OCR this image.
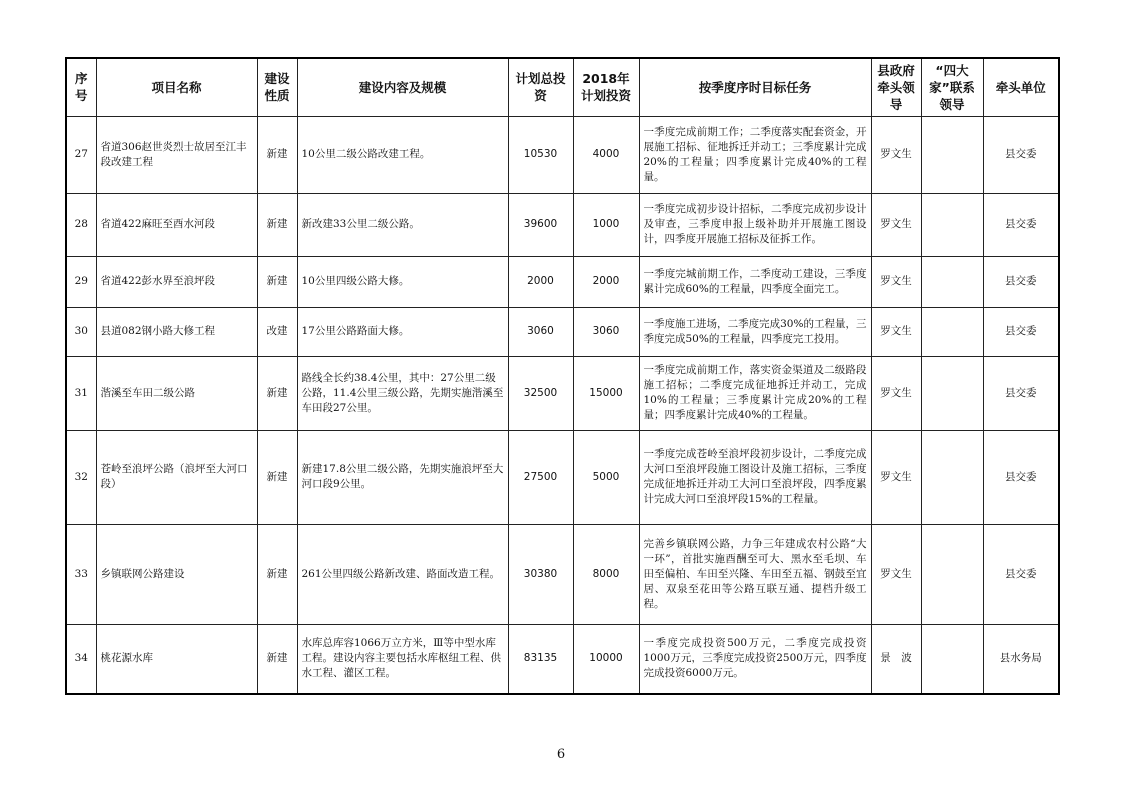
序号	项目名称	建设性质	建设内容及规模	计划总投资	2018年计划投资	按季度序时目标任务	县政府牵头领导	“四大家”联系领导	牵头单位
27	省道306赵世炎烈士故居至江丰段改建工程	新建	10公里二级公路改建工程。	10530	4000	一季度完成前期工作；二季度落实配套资金，开展施工招标、征地拆迁并动工；三季度累计完成20%的工程量；四季度累计完成40%的工程量。	罗文生		县交委
28	省道422麻旺至酉水河段	新建	新改建33公里二级公路。	39600	1000	一季度完成初步设计招标，二季度完成初步设计及审查，三季度申报上级补助并开展施工图设计，四季度开展施工招标及征拆工作。	罗文生		县交委
29	省道422彭水界至浪坪段	新建	10公里四级公路大修。	2000	2000	一季度完城前期工作，二季度动工建设，三季度累计完成60%的工程量，四季度全面完工。	罗文生		县交委
30	县道082钢小路大修工程	改建	17公里公路路面大修。	3060	3060	一季度施工进场，二季度完成30%的工程量，三季度完成50%的工程量，四季度完工投用。	罗文生		县交委
31	湝溪至车田二级公路	新建	路线全长约38.4公里，其中：27公里二级公路，11.4公里三级公路，先期实施湝溪至车田段27公里。	32500	15000	一季度完成前期工作，落实资金渠道及二级路段施工招标；二季度完成征地拆迁并动工，完成10%的工程量；三季度累计完成20%的工程量；四季度累计完成40%的工程量。	罗文生		县交委
32	苍岭至浪坪公路（浪坪至大河口段）	新建	新建17.8公里二级公路，先期实施浪坪至大河口段9公里。	27500	5000	一季度完成苍岭至浪坪段初步设计，二季度完成大河口至浪坪段施工图设计及施工招标，三季度完成征地拆迁并动工大河口至浪坪段，四季度累计完成大河口至浪坪段15%的工程量。	罗文生		县交委
33	乡镇联网公路建设	新建	261公里四级公路新改建、路面改造工程。	30380	8000	完善乡镇联网公路，力争三年建成农村公路“大一环”，首批实施酉酬至可大、黑水至毛坝、车田至偏柏、车田至兴隆、车田至五福、钢鼓至宜居、双泉至花田等公路互联互通、提档升级工程。	罗文生		县交委
34	桃花源水库	新建	水库总库容1066万立方米，Ⅲ等中型水库工程。建设内容主要包括水库枢纽工程、供水工程、灌区工程。	83135	10000	一季度完成投资500万元，二季度完成投资1000万元，三季度完成投资2500万元，四季度完成投资6000万元。	景　波		县水务局
6
